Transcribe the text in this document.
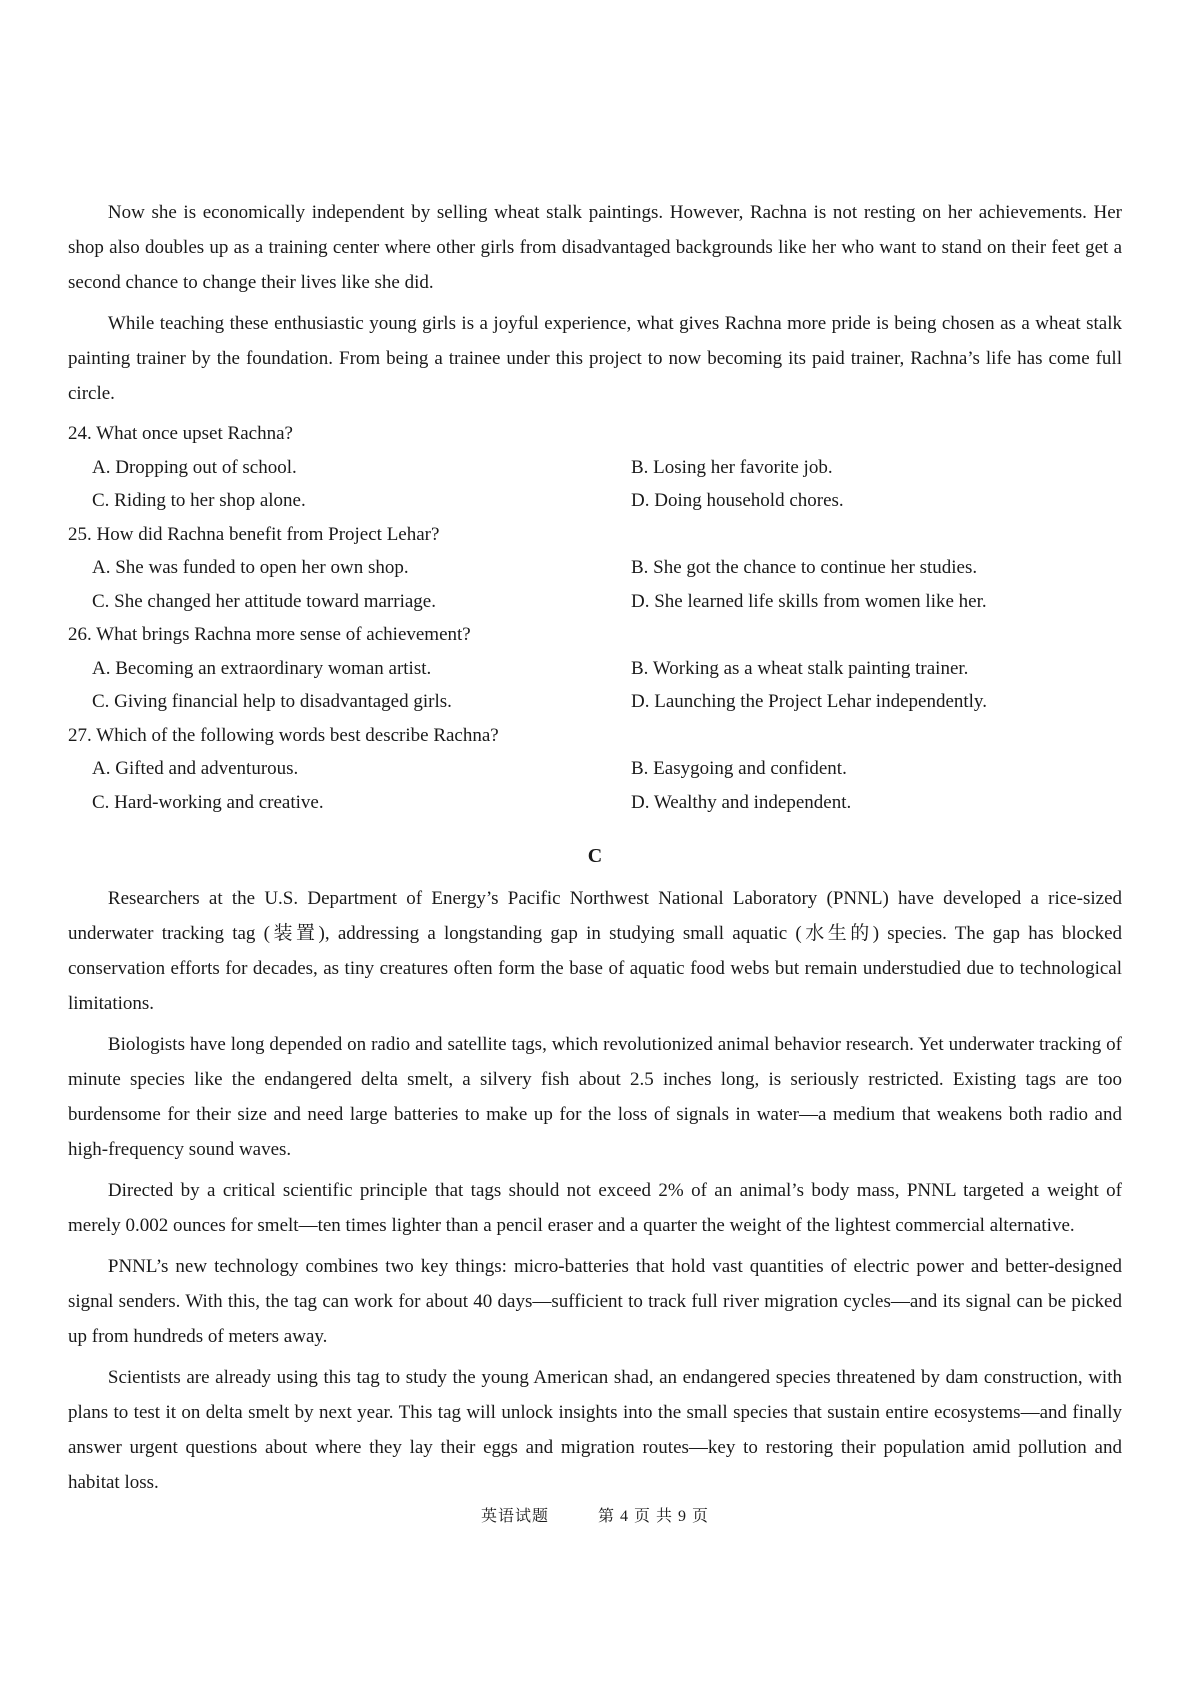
Now she is economically independent by selling wheat stalk paintings. However, Rachna is not resting on her achievements. Her shop also doubles up as a training center where other girls from disadvantaged backgrounds like her who want to stand on their feet get a second chance to change their lives like she did.

While teaching these enthusiastic young girls is a joyful experience, what gives Rachna more pride is being chosen as a wheat stalk painting trainer by the foundation. From being a trainee under this project to now becoming its paid trainer, Rachna’s life has come full circle.

24. What once upset Rachna?

A. Dropping out of school.	B. Losing her favorite job.

C. Riding to her shop alone.	D. Doing household chores.

25. How did Rachna benefit from Project Lehar?

A. She was funded to open her own shop.	B. She got the chance to continue her studies.

C. She changed her attitude toward marriage.	D. She learned life skills from women like her.

26. What brings Rachna more sense of achievement?

A. Becoming an extraordinary woman artist.	B. Working as a wheat stalk painting trainer.

C. Giving financial help to disadvantaged girls.	D. Launching the Project Lehar independently.

27. Which of the following words best describe Rachna?

A. Gifted and adventurous.	B. Easygoing and confident.

C. Hard-working and creative.	D. Wealthy and independent.

C

Researchers at the U.S. Department of Energy’s Pacific Northwest National Laboratory (PNNL) have developed a rice-sized underwater tracking tag (装置), addressing a longstanding gap in studying small aquatic (水生的) species. The gap has blocked conservation efforts for decades, as tiny creatures often form the base of aquatic food webs but remain understudied due to technological limitations.

Biologists have long depended on radio and satellite tags, which revolutionized animal behavior research. Yet underwater tracking of minute species like the endangered delta smelt, a silvery fish about 2.5 inches long, is seriously restricted. Existing tags are too burdensome for their size and need large batteries to make up for the loss of signals in water—a medium that weakens both radio and high-frequency sound waves.

Directed by a critical scientific principle that tags should not exceed 2% of an animal’s body mass, PNNL targeted a weight of merely 0.002 ounces for smelt—ten times lighter than a pencil eraser and a quarter the weight of the lightest commercial alternative.

PNNL’s new technology combines two key things: micro-batteries that hold vast quantities of electric power and better-designed signal senders. With this, the tag can work for about 40 days—sufficient to track full river migration cycles—and its signal can be picked up from hundreds of meters away.

Scientists are already using this tag to study the young American shad, an endangered species threatened by dam construction, with plans to test it on delta smelt by next year. This tag will unlock insights into the small species that sustain entire ecosystems—and finally answer urgent questions about where they lay their eggs and migration routes—key to restoring their population amid pollution and habitat loss.

英语试题	第 4 页 共 9 页
